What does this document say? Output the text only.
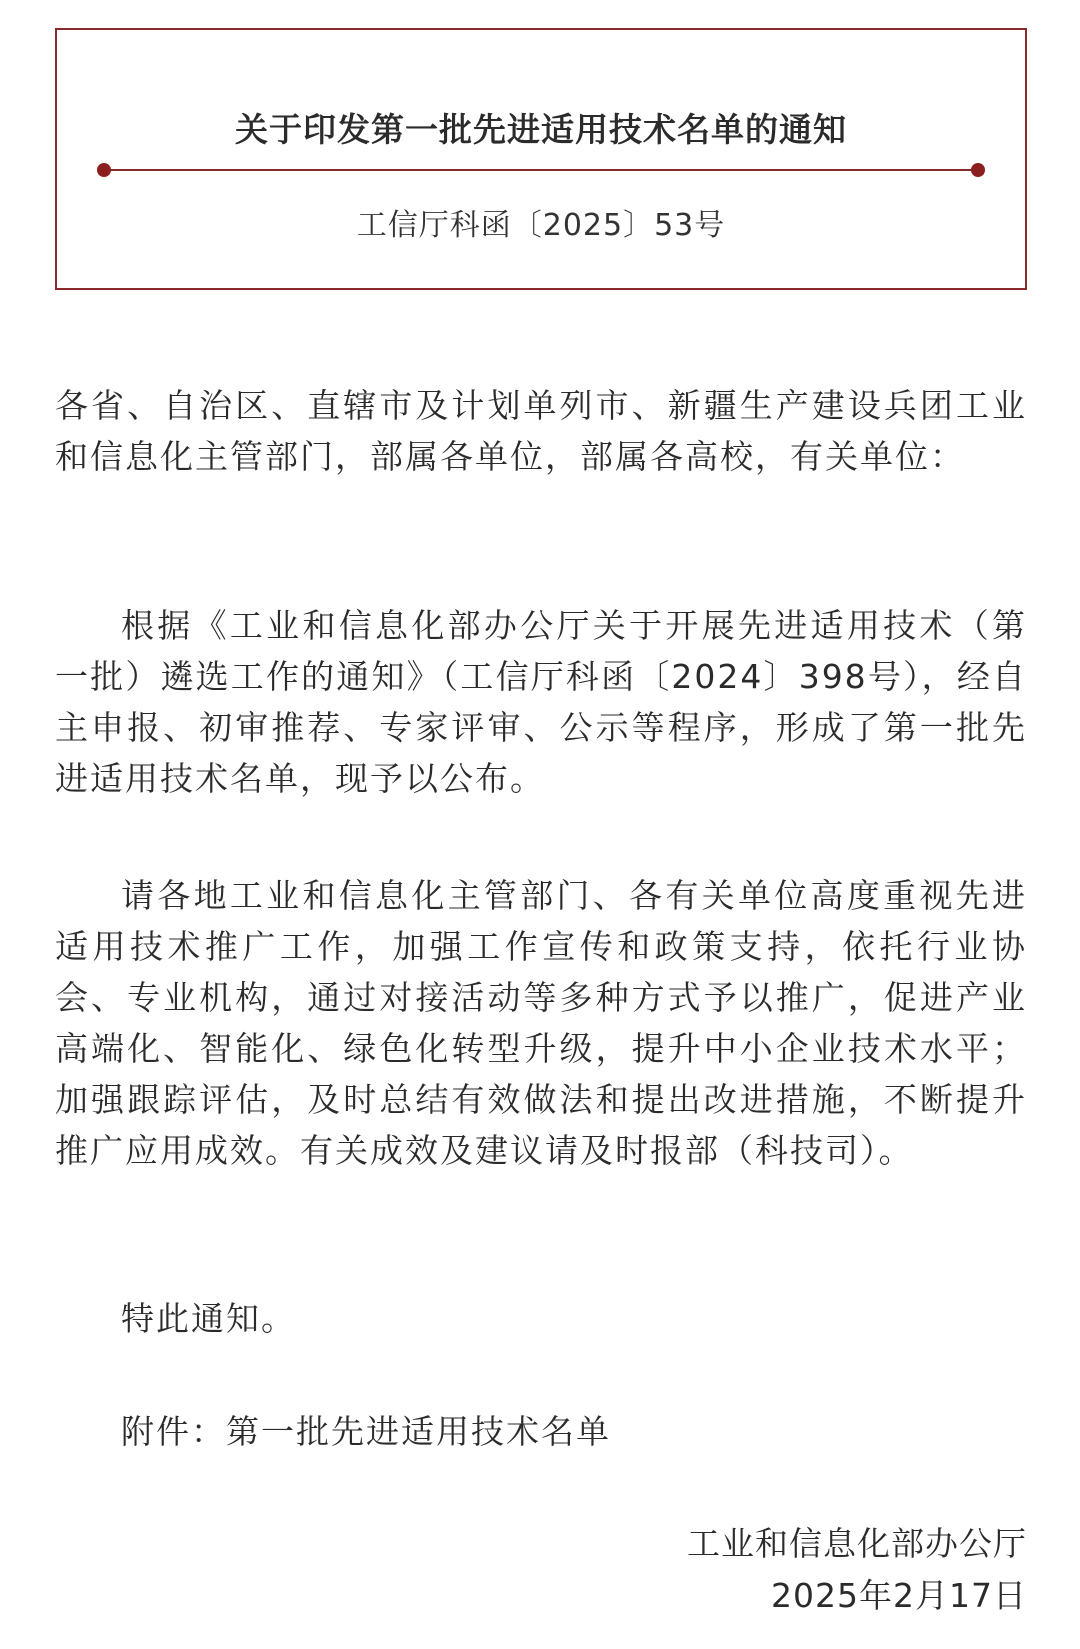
关于印发第一批先进适用技术名单的通知
工信厅科函〔2025〕53号

各省、自治区、直辖市及计划单列市、新疆生产建设兵团工业和信息化主管部门，部属各单位，部属各高校，有关单位：

根据《工业和信息化部办公厅关于开展先进适用技术（第一批）遴选工作的通知》（工信厅科函〔2024〕398号），经自主申报、初审推荐、专家评审、公示等程序，形成了第一批先进适用技术名单，现予以公布。

请各地工业和信息化主管部门、各有关单位高度重视先进适用技术推广工作，加强工作宣传和政策支持，依托行业协会、专业机构，通过对接活动等多种方式予以推广，促进产业高端化、智能化、绿色化转型升级，提升中小企业技术水平；加强跟踪评估，及时总结有效做法和提出改进措施，不断提升推广应用成效。有关成效及建议请及时报部（科技司）。

特此通知。

附件：第一批先进适用技术名单

工业和信息化部办公厅
2025年2月17日
